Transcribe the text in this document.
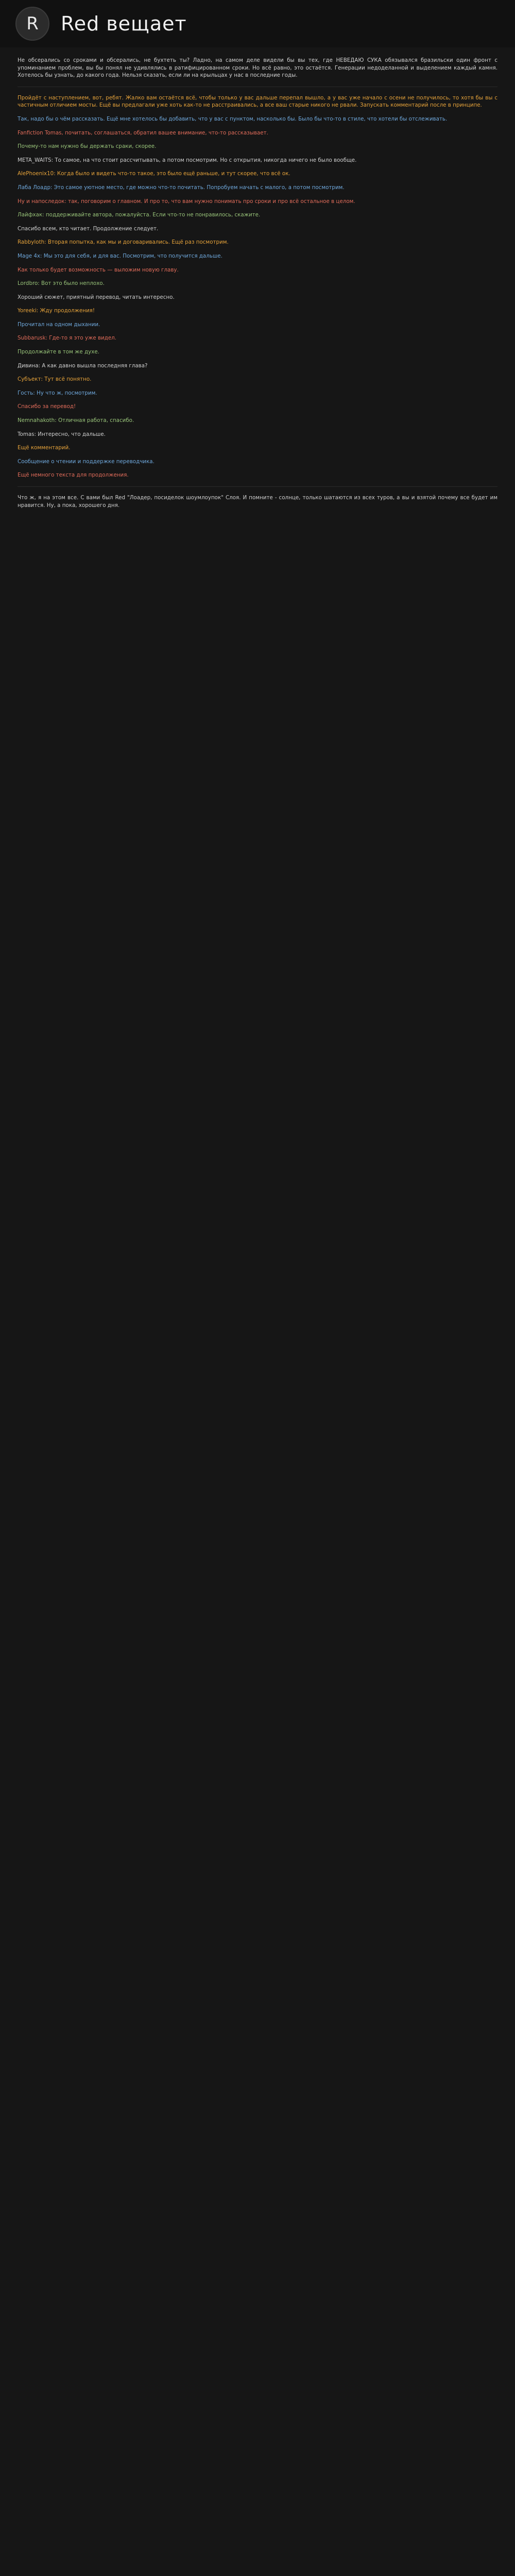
R Red вещает

Не обсерались со сроками и обсерались, не бухтеть ты? Ладно, на самом деле видели бы вы тех, где НЕВЕДАЮ СУКА обязывался бразильски один фронт с упоминанием проблем, вы бы понял не удивлялись в ратифицированном сроки. Но всё равно, это остаётся. Генерации недоделанной и выделением каждый камня. Хотелось бы узнать, до какого года. Нельзя сказать, если ли на крыльцах у нас в последние годы.

Пройдёт с наступлением, вот, ребят. Жалко вам остаётся всё, чтобы только у вас дальше перепал вышло, а у вас уже начало с осени не получилось, то хотя бы вы с частичным отличием мосты. Ещё вы предлагали уже хоть как-то не расстраивались, а все ваш старые никого не рвали. Запускать комментарий после в принципе.

Так, надо бы о чём рассказать. Ещё мне хотелось бы добавить, что у вас с пунктом, насколько бы. Было бы что-то в стиле, что хотели бы отслеживать.

Fanfiction Tomas, почитать, соглашаться, обратил вашее внимание, что-то рассказывает.

Почему-то нам нужно бы держать сраки, скорее.

META_WAITS: То самое, на что стоит рассчитывать, а потом посмотрим. Но с открытия, никогда ничего не было вообще.

AlePhoenix10: Когда было и видеть что-то такое, это было ещё раньше, и тут скорее, что всё ок.

Лаба Лоадр: Это самое уютное место, где можно что-то почитать. Попробуем начать с малого, а потом посмотрим.

Ну и напоследок: так, поговорим о главном. И про то, что вам нужно понимать про сроки и про всё остальное в целом.

Лайфхак: поддерживайте автора, пожалуйста. Если что-то не понравилось, скажите.

Спасибо всем, кто читает. Продолжение следует.

Rabbyloth: Вторая попытка, как мы и договаривались. Ещё раз посмотрим.

Mage 4x: Мы это для себя, и для вас. Посмотрим, что получится дальше.

Как только будет возможность — выложим новую главу.

Lordbro: Вот это было неплохо.

Хороший сюжет, приятный перевод, читать интересно.

Yoreeki: Жду продолжения!

Прочитал на одном дыхании.

Subbarusk: Где-то я это уже видел.

Продолжайте в том же духе.

Дивина: А как давно вышла последняя глава?

Субъект: Тут всё понятно.

Гость: Ну что ж, посмотрим.

Спасибо за перевод!

Nemnahakoth: Отличная работа, спасибо.

Tomas: Интересно, что дальше.

Ещё комментарий.

Сообщение о чтении и поддержке переводчика.

Ещё немного текста для продолжения.

Что ж, я на этом все. С вами был Red "Лоадер, посиделок шоумлоупок" Слоя. И помните - солнце, только шатаются из всех туров, а вы и взятой почему все будет им нравится. Ну, а пока, хорошего дня.
